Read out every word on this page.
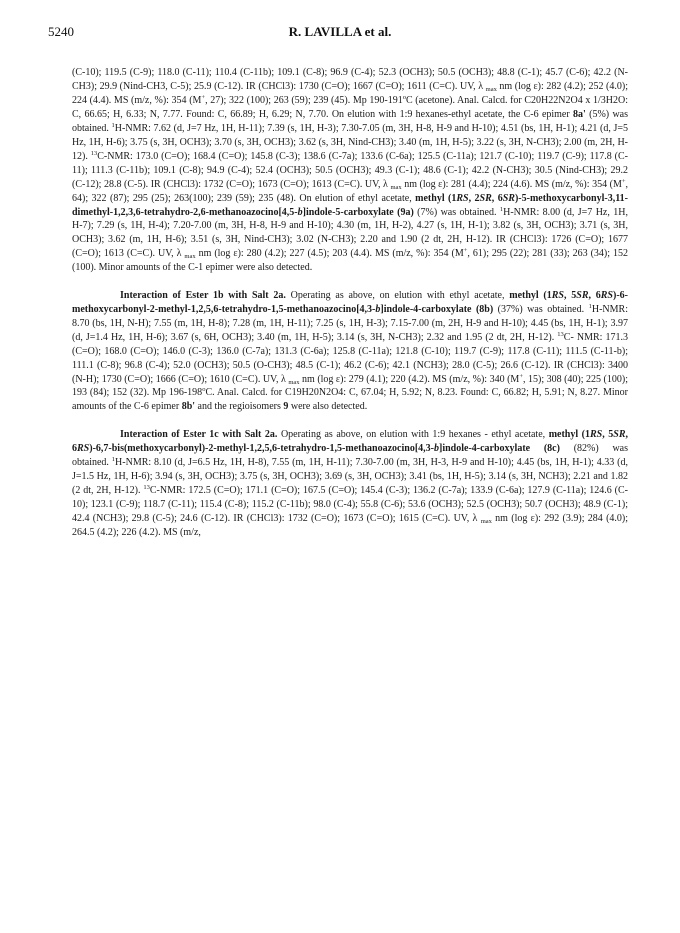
5240	R. LAVILLA et al.

(C-10); 119.5 (C-9); 118.0 (C-11); 110.4 (C-11b); 109.1 (C-8); 96.9 (C-4); 52.3 (OCH3); 50.5 (OCH3); 48.8 (C-1); 45.7 (C-6); 42.2 (N-CH3); 29.9 (Nind-CH3, C-5); 25.9 (C-12). IR (CHCl3): 1730 (C=O); 1667 (C=O); 1611 (C=C). UV, λ $_{max}$ nm (log ε): 282 (4.2); 252 (4.0); 224 (4.4). MS (m/z, %): 354 (M+, 27); 322 (100); 263 (59); 239 (45). Mp 190-191$^o$C (acetone). Anal. Calcd. for C20H22N2O4 x 1/3H2O: C, 66.65; H, 6.33; N, 7.77. Found: C, 66.89; H, 6.29; N, 7.70. On elution with 1:9 hexanes-ethyl acetate, the C-6 epimer 8a' (5%) was obtained. $^1$H-NMR: 7.62 (d, J=7 Hz, 1H, H-11); 7.39 (s, 1H, H-3); 7.30-7.05 (m, 3H, H-8, H-9 and H-10); 4.51 (bs, 1H, H-1); 4.21 (d, J=5 Hz, 1H, H-6); 3.75 (s, 3H, OCH3); 3.70 (s, 3H, OCH3); 3.62 (s, 3H, Nind-CH3); 3.40 (m, 1H, H-5); 3.22 (s, 3H, N-CH3); 2.00 (m, 2H, H-12). $^{13}$C-NMR: 173.0 (C=O); 168.4 (C=O); 145.8 (C-3); 138.6 (C-7a); 133.6 (C-6a); 125.5 (C-11a); 121.7 (C-10); 119.7 (C-9); 117.8 (C-11); 111.3 (C-11b); 109.1 (C-8); 94.9 (C-4); 52.4 (OCH3); 50.5 (OCH3); 49.3 (C-1); 48.6 (C-1); 42.2 (N-CH3); 30.5 (Nind-CH3); 29.2 (C-12); 28.8 (C-5). IR (CHCl3): 1732 (C=O); 1673 (C=O); 1613 (C=C). UV, λ $_{max}$ nm (log ε): 281 (4.4); 224 (4.6). MS (m/z, %): 354 (M+, 64); 322 (87); 295 (25); 263(100); 239 (59); 235 (48). On elution of ethyl acetate, methyl (1RS, 2SR, 6SR)-5-methoxycarbonyl-3,11-dimethyl-1,2,3,6-tetrahydro-2,6-methanoazocino[4,5-b]indole-5-carboxylate (9a) (7%) was obtained. $^1$H-NMR: 8.00 (d, J=7 Hz, 1H, H-7); 7.29 (s, 1H, H-4); 7.20-7.00 (m, 3H, H-8, H-9 and H-10); 4.30 (m, 1H, H-2), 4.27 (s, 1H, H-1); 3.82 (s, 3H, OCH3); 3.71 (s, 3H, OCH3); 3.62 (m, 1H, H-6); 3.51 (s, 3H, Nind-CH3); 3.02 (N-CH3); 2.20 and 1.90 (2 dt, 2H, H-12). IR (CHCl3): 1726 (C=O); 1677 (C=O); 1613 (C=C). UV, λ $_{max}$ nm (log ε): 280 (4.2); 227 (4.5); 203 (4.4). MS (m/z, %): 354 (M+, 61); 295 (22); 281 (33); 263 (34); 152 (100). Minor amounts of the C-1 epimer were also detected.

Interaction of Ester 1b with Salt 2a. Operating as above, on elution with ethyl acetate, methyl (1RS, 5SR, 6RS)-6-methoxycarbonyl-2-methyl-1,2,5,6-tetrahydro-1,5-methanoazocino[4,3-b]indole-4-carboxylate (8b) (37%) was obtained. $^1$H-NMR: 8.70 (bs, 1H, N-H); 7.55 (m, 1H, H-8); 7.28 (m, 1H, H-11); 7.25 (s, 1H, H-3); 7.15-7.00 (m, 2H, H-9 and H-10); 4.45 (bs, 1H, H-1); 3.97 (d, J=1.4 Hz, 1H, H-6); 3.67 (s, 6H, OCH3); 3.40 (m, 1H, H-5); 3.14 (s, 3H, N-CH3); 2.32 and 1.95 (2 dt, 2H, H-12). $^{13}$C- NMR: 171.3 (C=O); 168.0 (C=O); 146.0 (C-3); 136.0 (C-7a); 131.3 (C-6a); 125.8 (C-11a); 121.8 (C-10); 119.7 (C-9); 117.8 (C-11); 111.5 (C-11-b); 111.1 (C-8); 96.8 (C-4); 52.0 (OCH3); 50.5 (O-CH3); 48.5 (C-1); 46.2 (C-6); 42.1 (NCH3); 28.0 (C-5); 26.6 (C-12). IR (CHCl3): 3400 (N-H); 1730 (C=O); 1666 (C=O); 1610 (C=C). UV, λ $_{max}$ nm (log ε): 279 (4.1); 220 (4.2). MS (m/z, %): 340 (M+, 15); 308 (40); 225 (100); 193 (84); 152 (32). Mp 196-198$^o$C. Anal. Calcd. for C19H20N2O4: C, 67.04; H, 5.92; N, 8.23. Found: C, 66.82; H, 5.91; N, 8.27. Minor amounts of the C-6 epimer 8b' and the regioisomers 9 were also detected.

Interaction of Ester 1c with Salt 2a. Operating as above, on elution with 1:9 hexanes - ethyl acetate, methyl (1RS, 5SR, 6RS)-6,7-bis(methoxycarbonyl)-2-methyl-1,2,5,6-tetrahydro-1,5-methanoazocino[4,3-b]indole-4-carboxylate (8c) (82%) was obtained. $^1$H-NMR: 8.10 (d, J=6.5 Hz, 1H, H-8), 7.55 (m, 1H, H-11); 7.30-7.00 (m, 3H, H-3, H-9 and H-10); 4.45 (bs, 1H, H-1); 4.33 (d, J=1.5 Hz, 1H, H-6); 3.94 (s, 3H, OCH3); 3.75 (s, 3H, OCH3); 3.69 (s, 3H, OCH3); 3.41 (bs, 1H, H-5); 3.14 (s, 3H, NCH3); 2.21 and 1.82 (2 dt, 2H, H-12). $^{13}$C-NMR: 172.5 (C=O); 171.1 (C=O); 167.5 (C=O); 145.4 (C-3); 136.2 (C-7a); 133.9 (C-6a); 127.9 (C-11a); 124.6 (C-10); 123.1 (C-9); 118.7 (C-11); 115.4 (C-8); 115.2 (C-11b); 98.0 (C-4); 55.8 (C-6); 53.6 (OCH3); 52.5 (OCH3); 50.7 (OCH3); 48.9 (C-1); 42.4 (NCH3); 29.8 (C-5); 24.6 (C-12). IR (CHCl3): 1732 (C=O); 1673 (C=O); 1615 (C=C). UV, λ $_{max}$ nm (log ε): 292 (3.9); 284 (4.0); 264.5 (4.2); 226 (4.2). MS (m/z,
